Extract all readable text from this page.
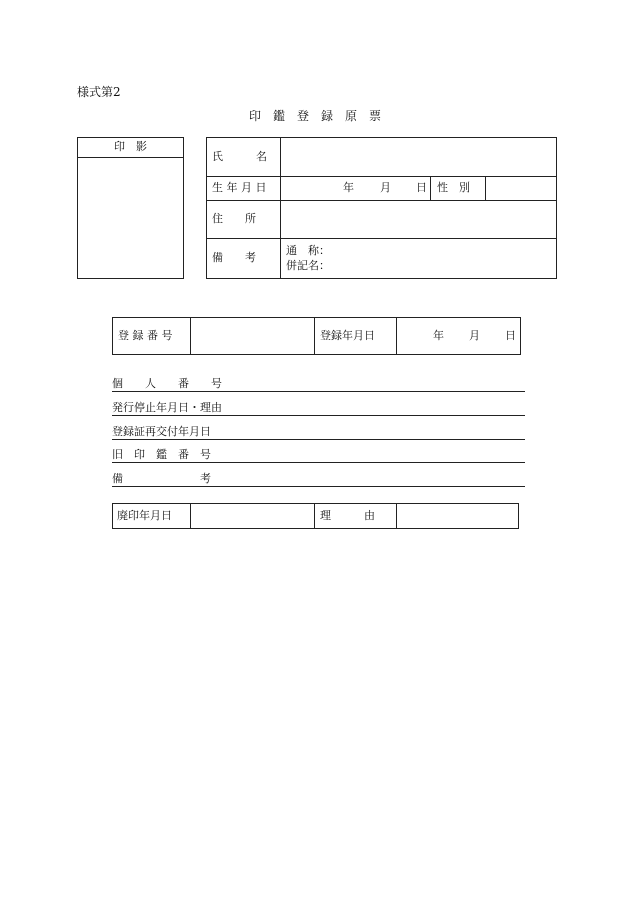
様式第2
印　鑑　登　録　原　票
印　影
氏　　　名
生 年 月 日	年 月 日 性　別
住　　所
備　　考
通　称：
併記名：
登 録 番 号	登録年月日	年 月 日
個　　人　　番　　号
発行停止年月日・理由
登録証再交付年月日
旧　印　鑑　番　号
備　　　　　　　考
廃印年月日	理　　　由
